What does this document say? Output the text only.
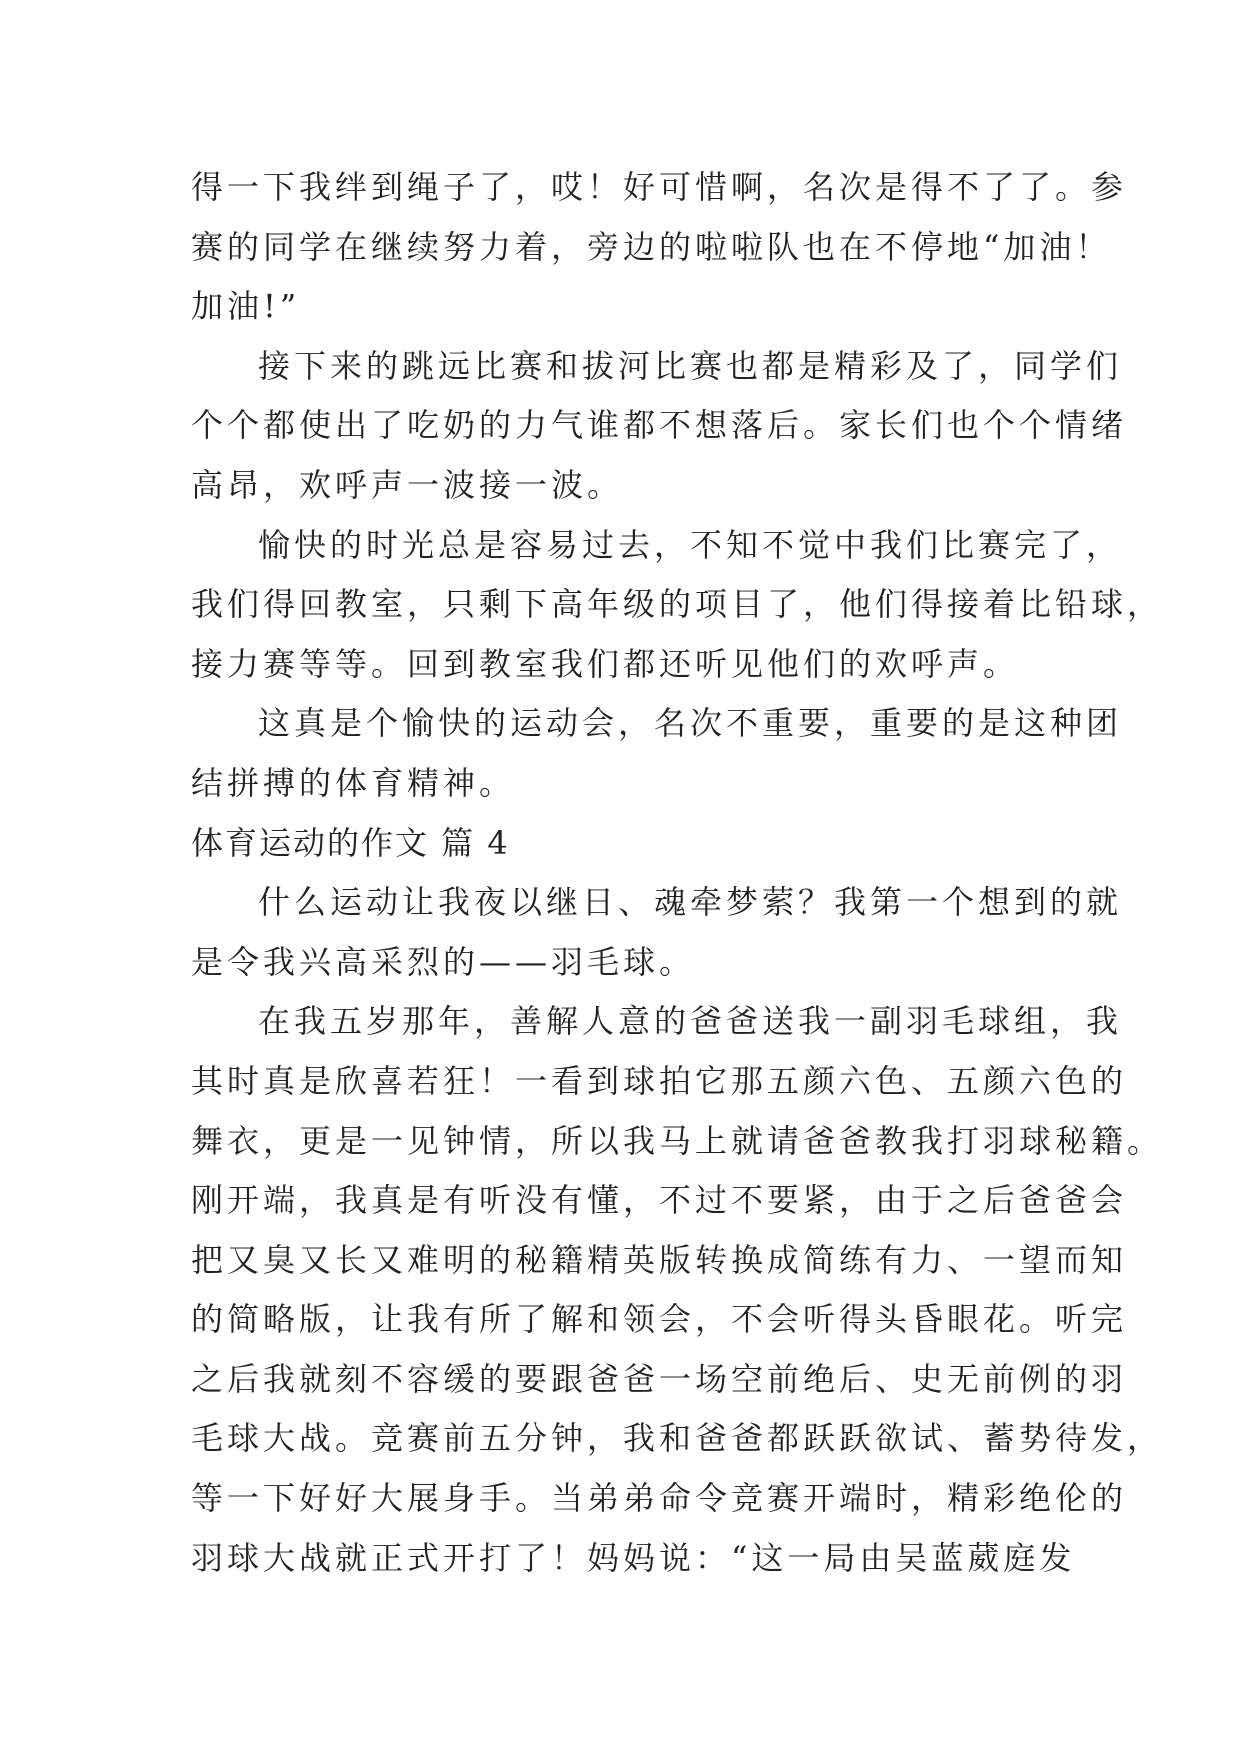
得一下我绊到绳子了，哎！好可惜啊，名次是得不了了。参
赛的同学在继续努力着，旁边的啦啦队也在不停地“加油！
加油!”
接下来的跳远比赛和拔河比赛也都是精彩及了，同学们
个个都使出了吃奶的力气谁都不想落后。家长们也个个情绪
高昂，欢呼声一波接一波。
愉快的时光总是容易过去，不知不觉中我们比赛完了，
我们得回教室，只剩下高年级的项目了，他们得接着比铅球，
接力赛等等。回到教室我们都还听见他们的欢呼声。
这真是个愉快的运动会，名次不重要，重要的是这种团
结拼搏的体育精神。
体育运动的作文 篇 4
什么运动让我夜以继日、魂牵梦萦？我第一个想到的就
是令我兴高采烈的——羽毛球。
在我五岁那年，善解人意的爸爸送我一副羽毛球组，我
其时真是欣喜若狂！一看到球拍它那五颜六色、五颜六色的
舞衣，更是一见钟情，所以我马上就请爸爸教我打羽球秘籍。
刚开端，我真是有听没有懂，不过不要紧，由于之后爸爸会
把又臭又长又难明的秘籍精英版转换成简练有力、一望而知
的简略版，让我有所了解和领会，不会听得头昏眼花。听完
之后我就刻不容缓的要跟爸爸一场空前绝后、史无前例的羽
毛球大战。竞赛前五分钟，我和爸爸都跃跃欲试、蓄势待发，
等一下好好大展身手。当弟弟命令竞赛开端时，精彩绝伦的
羽球大战就正式开打了！妈妈说：“这一局由吴蓝葳庭发
